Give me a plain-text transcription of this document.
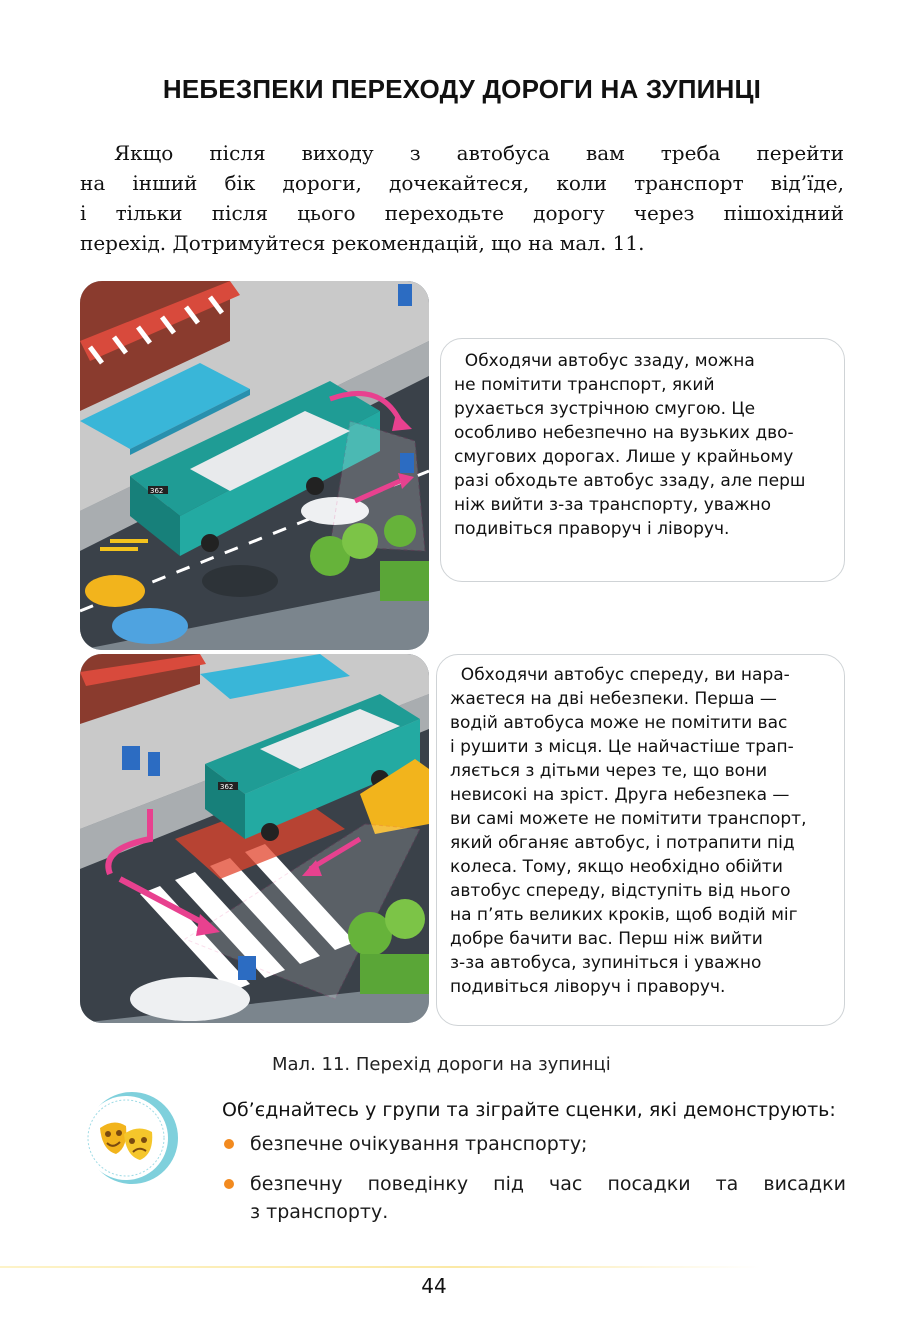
НЕБЕЗПЕКИ ПЕРЕХОДУ ДОРОГИ НА ЗУПИНЦІ
Якщо після виходу з автобуса вам треба перейти
на інший бік дороги, дочекайтеся, коли транспорт від’їде,
і тільки після цього переходьте дорогу через пішохідний
перехід. Дотримуйтеся рекомендацій, що на мал. 11.
362
Обходячи автобус ззаду, можна
не помітити транспорт, який
рухається зустрічною смугою. Це
особливо небезпечно на вузьких дво-
смугових дорогах. Лише у крайньому
разі обходьте автобус ззаду, але перш
ніж вийти з-за транспорту, уважно
подивіться праворуч і ліворуч.
362
Обходячи автобус спереду, ви нара-
жаєтеся на дві небезпеки. Перша —
водій автобуса може не помітити вас
і рушити з місця. Це найчастіше трап-
ляється з дітьми через те, що вони
невисокі на зріст. Друга небезпека —
ви самі можете не помітити транспорт,
який обганяє автобус, і потрапити під
колеса. Тому, якщо необхідно обійти
автобус спереду, відступіть від нього
на п’ять великих кроків, щоб водій міг
добре бачити вас. Перш ніж вийти
з-за автобуса, зупиніться і уважно
подивіться ліворуч і праворуч.
Мал. 11. Перехід дороги на зупинці
Об’єднайтесь у групи та зіграйте сценки, які демонструють:
безпечне очікування транспорту;
безпечну поведінку під час посадки та висадки
з транспорту.
44
